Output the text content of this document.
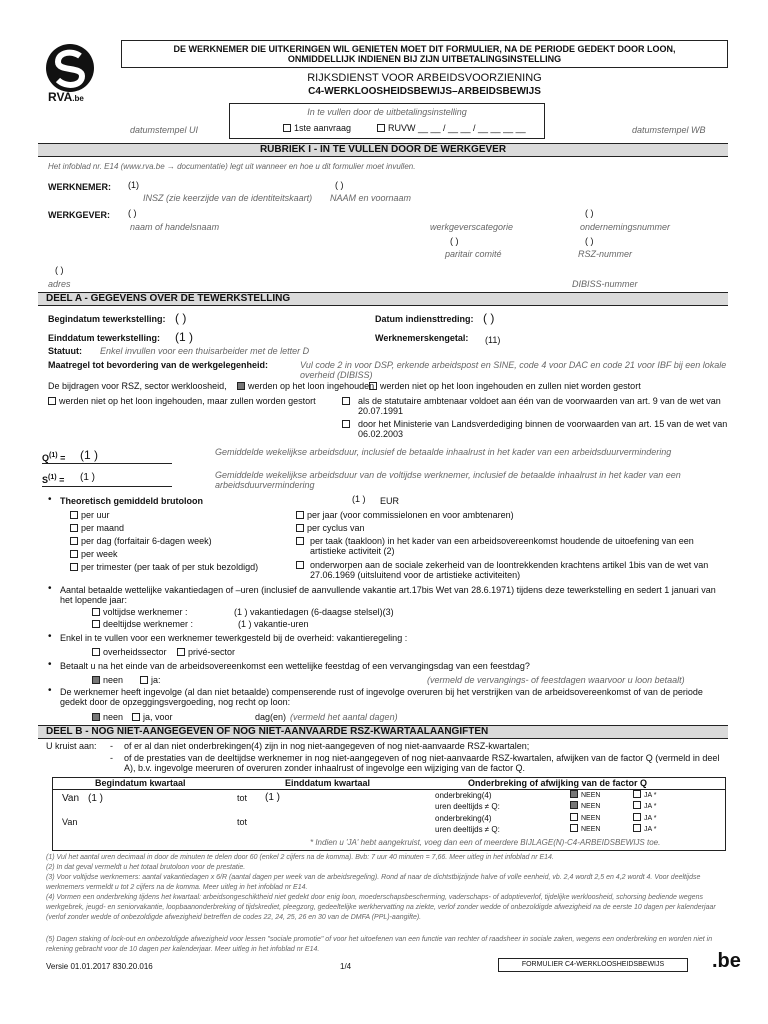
RVA.be
DE WERKNEMER DIE UITKERINGEN WIL GENIETEN MOET DIT FORMULIER, NA DE PERIODE GEDEKT DOOR LOON,
ONMIDDELLIJK INDIENEN BIJ ZIJN UITBETALINGSINSTELLING
RIJKSDIENST VOOR ARBEIDSVOORZIENING
C4-WERKLOOSHEIDSBEWIJS–ARBEIDSBEWIJS
In te vullen door de uitbetalingsinstelling
datumstempel UI	1ste aanvraag	RUVW __ __ / __ __ / __ __ __ __	datumstempel WB
RUBRIEK I - IN TE VULLEN DOOR DE WERKGEVER
Het infoblad nr. E14 (www.rva.be → documentatie) legt uit wanneer en hoe u dit formulier moet invullen.
WERKNEMER: (1)
INSZ (zie keerzijde van de identiteitskaart)
( )
NAAM en voornaam
WERKGEVER: ( )
naam of handelsnaam	werkgeverscategorie
( )
ondernemingsnummer
( )
paritair comité
( )
RSZ-nummer
( )
adres	DIBISS-nummer
DEEL A - GEGEVENS OVER DE TEWERKSTELLING
Begindatum tewerkstelling: ( )	Datum indiensttreding: ( )
Einddatum tewerkstelling: (1 )	Werknemerskengetal: (11)
Statuut: Enkel invullen voor een thuisarbeider met de letter D
Maatregel tot bevordering van de werkgelegenheid:	Vul code 2 in voor DSP, erkende arbeidspost en SINE, code 4 voor DAC en code 21 voor IBF bij een lokale overheid (DIBISS)
De bijdragen voor RSZ, sector werkloosheid,	werden op het loon ingehouden werden niet op het loon ingehouden en zullen niet worden gestort
werden niet op het loon ingehouden, maar zullen worden gestort	als de statutaire ambtenaar voldoet aan één van de voorwaarden van art. 9 van de wet van 20.07.1991
door het Ministerie van Landsverdediging binnen de voorwaarden van art. 15 van de wet van 06.02.2003
$Q^{(1)} = (1$ )	Gemiddelde wekelijkse arbeidsduur, inclusief de betaalde inhaalrust in het kader van een arbeidsduurvermindering
$S^{(1)} = (1$ )	Gemiddelde wekelijkse arbeidsduur van de voltijdse werknemer, inclusief de betaalde inhaalrust in het kader van een arbeidsduurvermindering
• Theoretisch gemiddeld brutoloon	(1 ) EUR
per uur
per maand
per dag (forfaitair 6-dagen week)
per week
per trimester (per taak of per stuk bezoldigd)
per jaar (voor commissielonen en voor ambtenaren)
per cyclus van
per taak (taakloon) in het kader van een arbeidsovereenkomst houdende de uitoefening van een artistieke activiteit (2)
onderworpen aan de sociale zekerheid van de loontrekkenden krachtens artikel 1bis van de wet van 27.06.1969 (uitsluitend voor de artistieke activiteiten)
• Aantal betaalde wettelijke vakantiedagen of –uren (inclusief de aanvullende vakantie art.17bis Wet van 28.6.1971) tijdens deze tewerkstelling en sedert 1 januari van het lopende jaar:
voltijdse werknemer :	(1 ) vakantiedagen (6-daagse stelsel)(3)
deeltijdse werknemer :	(1 ) vakantie-uren
• Enkel in te vullen voor een werknemer tewerkgesteld bij de overheid: vakantieregeling :
overheidssector	privé-sector
• Betaalt u na het einde van de arbeidsovereenkomst een wettelijke feestdag of een vervangingsdag van een feestdag?
neen	ja:	(vermeld de vervangings- of feestdagen waarvoor u loon betaalt)
• De werknemer heeft ingevolge (al dan niet betaalde) compenserende rust of ingevolge overuren bij het verstrijken van de arbeidsovereenkomst of van de periode gedekt door de opzeggingsvergoeding, nog recht op loon:
neen	ja, voor	dag(en) (vermeld het aantal dagen)
DEEL B - NOG NIET-AANGEGEVEN OF NOG NIET-AANVAARDE RSZ-KWARTAALAANGIFTEN
U kruist aan: - of er al dan niet onderbrekingen(4) zijn in nog niet-aangegeven of nog niet-aanvaarde RSZ-kwartalen;
- of de prestaties van de deeltijdse werknemer in nog niet-aangegeven of nog niet-aanvaarde RSZ-kwartalen, afwijken van de factor Q (vermeld in deel A), b.v. ingevolge meeruren of overuren zonder inhaalrust of ingevolge een wijziging van de factor Q.
Begindatum kwartaal	Einddatum kwartaal	Onderbreking of afwijking van de factor Q
Van (1 )	tot (1 )
Van	tot
onderbreking(4)	NEEN	JA *
uren deeltijds ≠ Q:	NEEN	JA *
onderbreking(4)	NEEN	JA *
uren deeltijds ≠ Q:	NEEN	JA *
* Indien u 'JA' hebt aangekruist, voeg dan een of meerdere BIJLAGE(N)-C4-ARBEIDSBEWIJS toe.
(1) Vul het aantal uren decimaal in door de minuten te delen door 60 (enkel 2 cijfers na de komma). Bvb: 7 uur 40 minuten = 7,66. Meer uitleg in het infoblad nr E14.
(2) In dat geval vermeldt u het totaal brutoloon voor de prestatie.
(3) Voor voltijdse werknemers: aantal vakantiedagen x 6/R (aantal dagen per week van de arbeidsregeling). Rond af naar de dichtstbijzijnde halve of volle eenheid, vb. 2,4 wordt 2,5 en 4,2 wordt 4. Voor deeltijdse werknemers vermeldt u tot 2 cijfers na de komma. Meer uitleg in het infoblad nr E14.
(4) Vormen een onderbreking tijdens het kwartaal: arbeidsongeschiktheid niet gedekt door enig loon, moederschapsbescherming, vaderschaps- of adoptieverlof, tijdelijke werkloosheid, schorsing bediende wegens werkgebrek, jeugd- en seniorvakantie, loopbaanonderbreking of tijdskrediet, pleegzorg, gedeeltelijke werkhervatting na ziekte, verlof zonder wedde of onbezoldigde afwezigheid na de eerste 10 dagen per kalenderjaar (verlof zonder wedde of onbezoldigde afwezigheid betreffen de codes 22, 24, 25, 26 en 30 van de DMFA (PPL)-aangifte).
(5) Dagen staking of lock-out en onbezoldigde afwezigheid voor lessen "sociale promotie" of voor het uitoefenen van een functie van rechter of raadsheer in sociale zaken, wegens een onderbreking en worden niet in rekening gebracht voor de 10 dagen per kalenderjaar. Meer uitleg in het infoblad nr E14.
Versie 01.01.2017 830.20.016	1/4	FORMULIER C4-WERKLOOSHEIDSBEWIJS	.be
